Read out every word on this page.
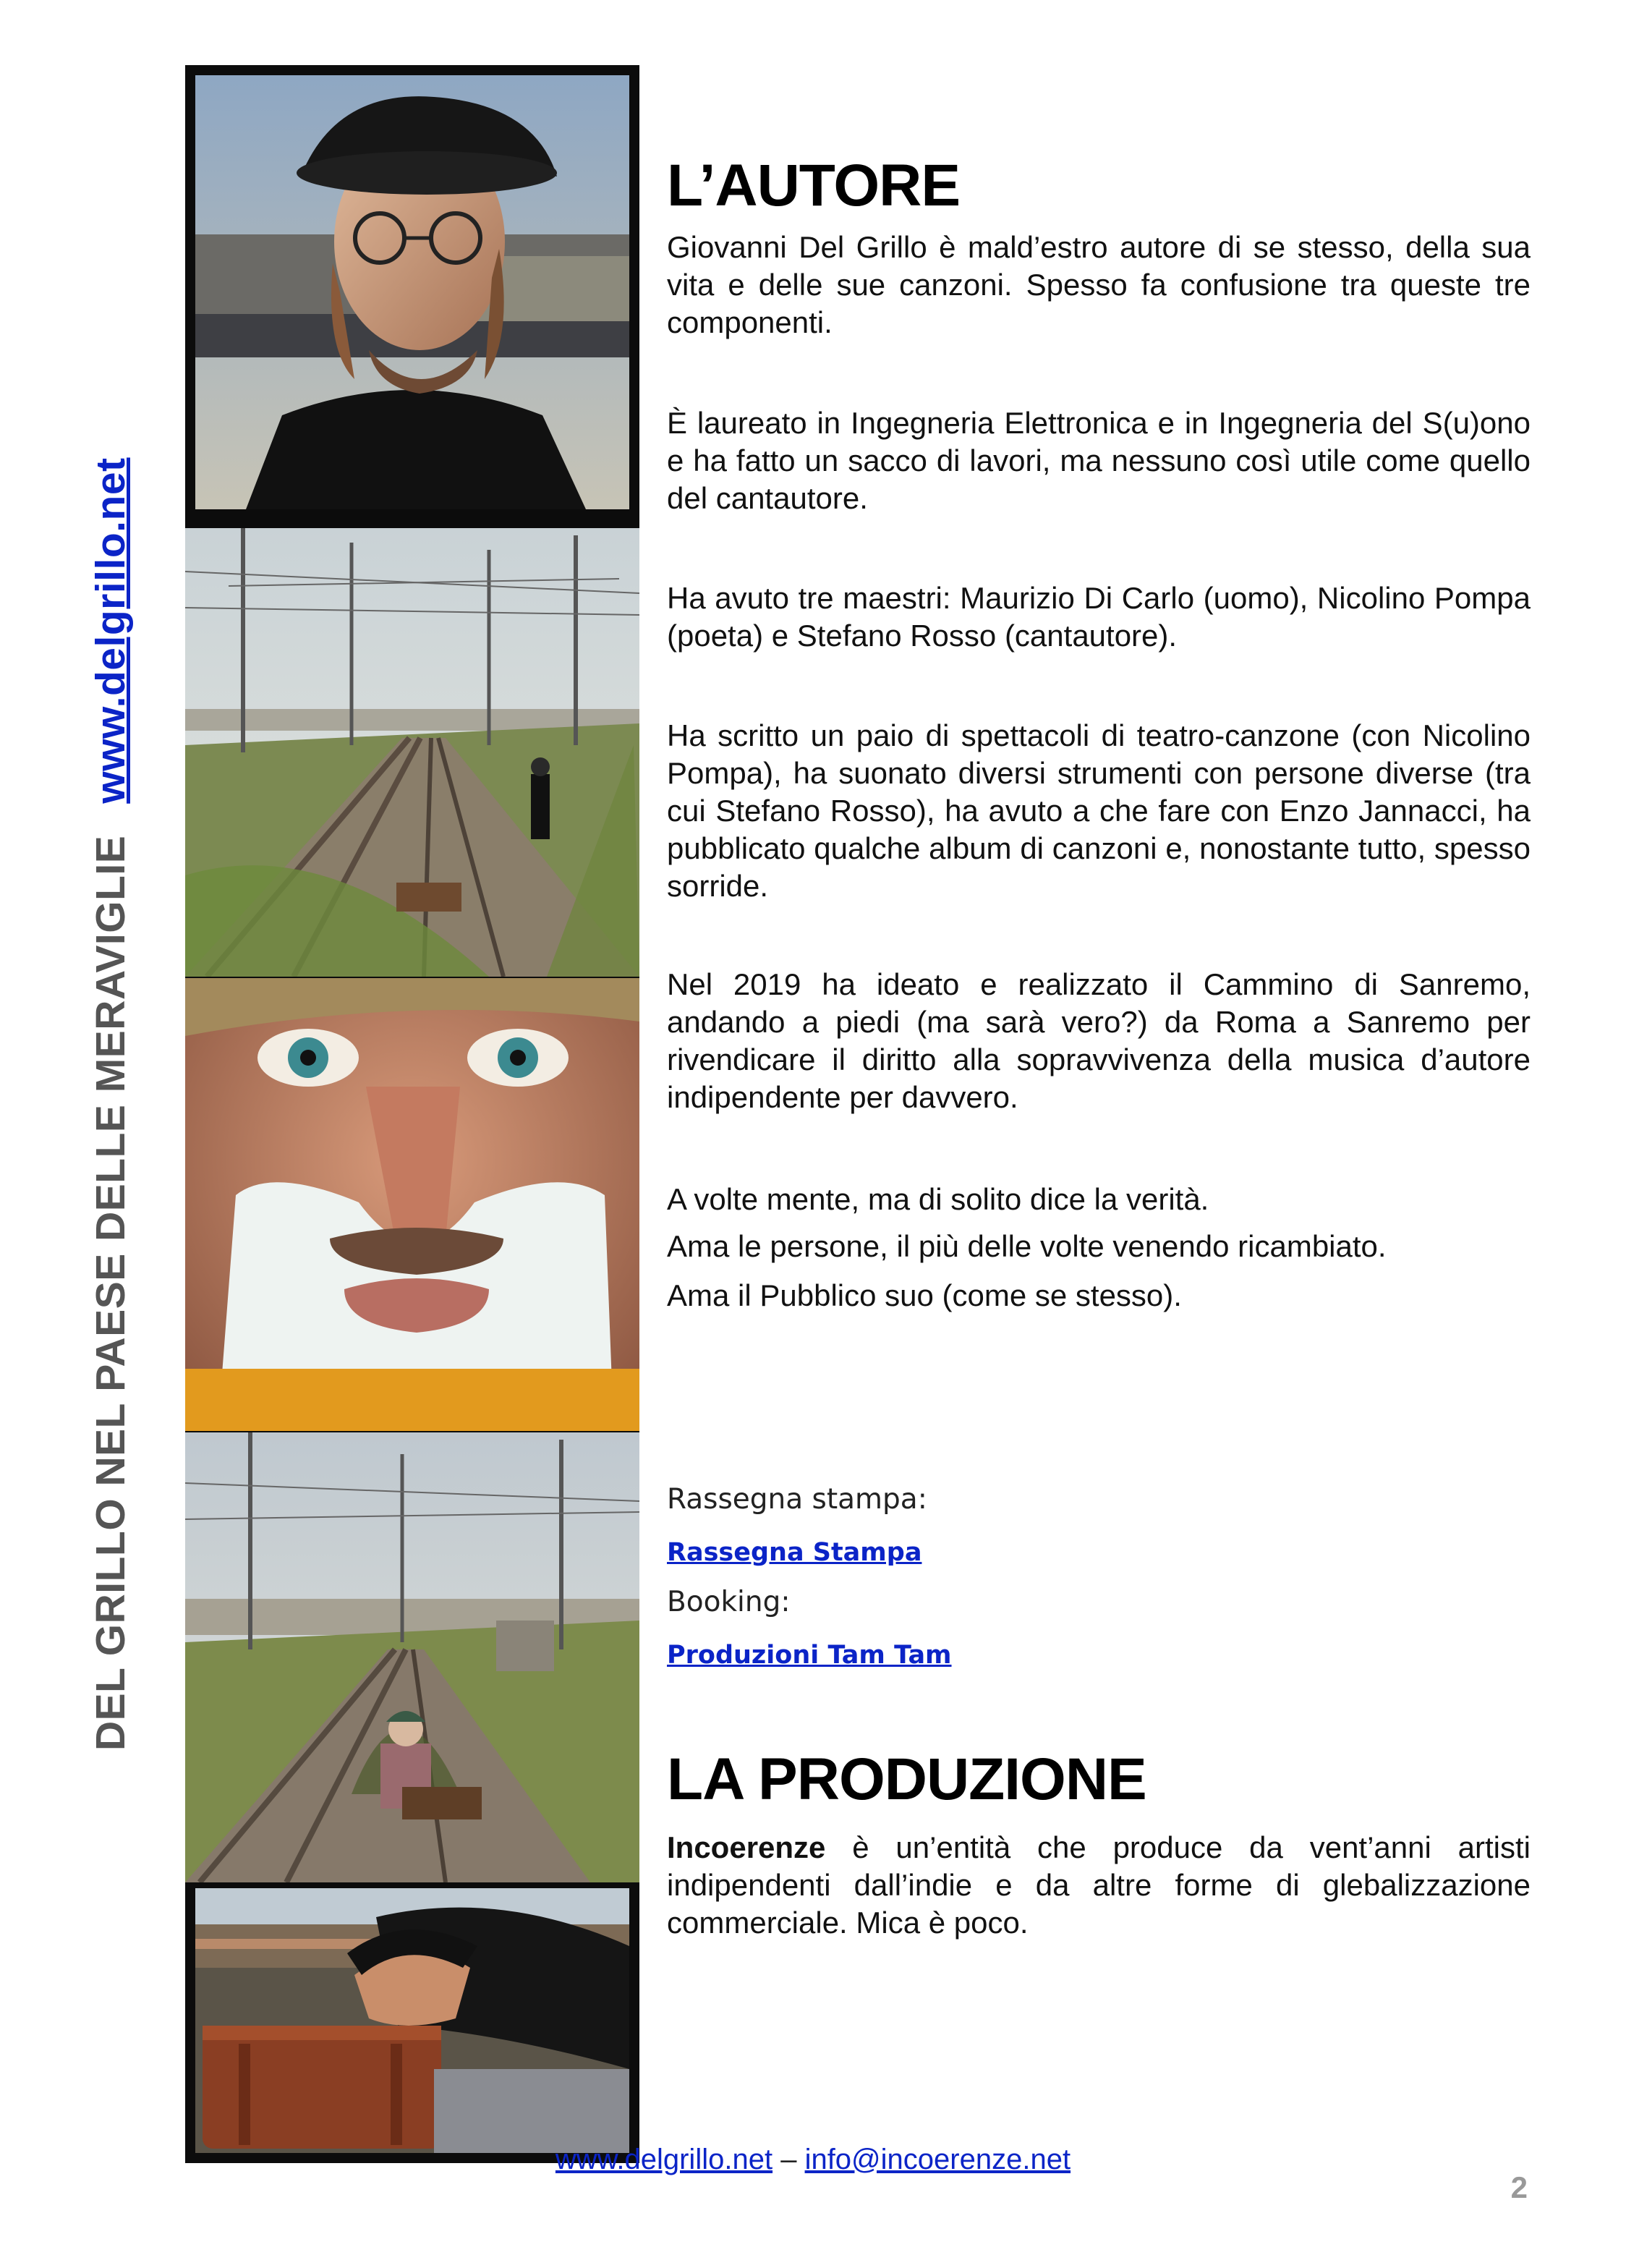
DEL GRILLO NEL PAESE DELLE MERAVIGLIEwww.delgrillo.net
L’AUTORE

Giovanni Del Grillo è mald’estro autore di se stesso, della sua vita e delle sue canzoni. Spesso fa confusione tra queste tre componenti.

È laureato in Ingegneria Elettronica e in Ingegneria del S(u)ono e ha fatto un sacco di lavori, ma nessuno così utile come quello del cantautore.

Ha avuto tre maestri: Maurizio Di Carlo (uomo), Nicolino Pompa (poeta) e Stefano Rosso (cantautore).

Ha scritto un paio di spettacoli di teatro-canzone (con Nicolino Pompa), ha suonato diversi strumenti con persone diverse (tra cui Stefano Rosso), ha avuto a che fare con Enzo Jannacci, ha pubblicato qualche album di canzoni e, nonostante tutto, spesso sorride.

Nel 2019 ha ideato e realizzato il Cammino di Sanremo, andando a piedi (ma sarà vero?) da Roma a Sanremo per rivendicare il diritto alla sopravvivenza della musica d’autore indipendente per davvero.

A volte mente, ma di solito dice la verità.

Ama le persone, il più delle volte venendo ricambiato.

Ama il Pubblico suo (come se stesso).

Rassegna stampa:
Rassegna Stampa
Booking:
Produzioni Tam Tam
LA PRODUZIONE

Incoerenze è un’entità che produce da vent’anni artisti indipendenti dall’indie e da altre forme di glebalizzazione commerciale. Mica è poco.

www.delgrillo.net – info@incoerenze.net
2
